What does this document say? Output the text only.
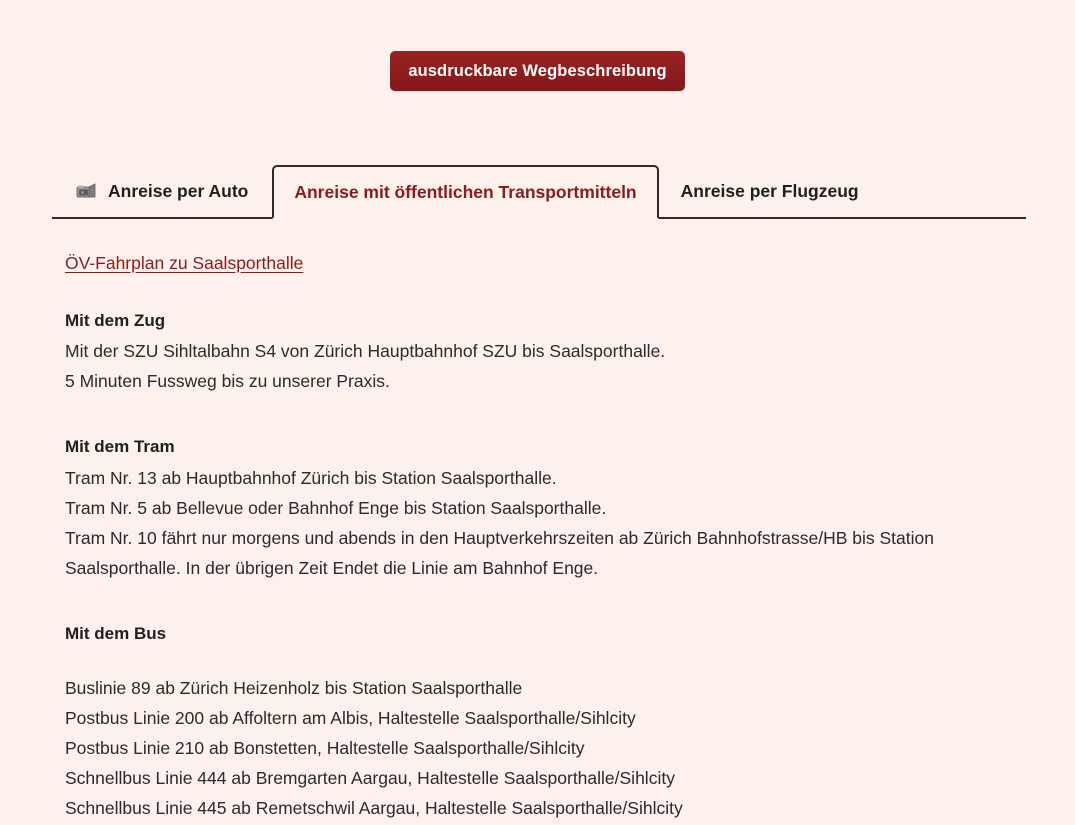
ausdruckbare Wegbeschreibung
Anreise per Auto	Anreise mit öffentlichen Transportmitteln	Anreise per Flugzeug
ÖV-Fahrplan zu Saalsporthalle
Mit dem Zug

Mit der SZU Sihltalbahn S4 von Zürich Hauptbahnhof SZU bis Saalsporthalle.

5 Minuten Fussweg bis zu unserer Praxis.

Mit dem Tram

Tram Nr. 13 ab Hauptbahnhof Zürich bis Station Saalsporthalle.

Tram Nr. 5 ab Bellevue oder Bahnhof Enge bis Station Saalsporthalle.

Tram Nr. 10 fährt nur morgens und abends in den Hauptverkehrszeiten ab Zürich Bahnhofstrasse/HB bis Station Saalsporthalle. In der übrigen Zeit Endet die Linie am Bahnhof Enge.

Mit dem Bus

Buslinie 89 ab Zürich Heizenholz bis Station Saalsporthalle

Postbus Linie 200 ab Affoltern am Albis, Haltestelle Saalsporthalle/Sihlcity

Postbus Linie 210 ab Bonstetten, Haltestelle Saalsporthalle/Sihlcity

Schnellbus Linie 444 ab Bremgarten Aargau, Haltestelle Saalsporthalle/Sihlcity

Schnellbus Linie 445 ab Remetschwil Aargau, Haltestelle Saalsporthalle/Sihlcity
